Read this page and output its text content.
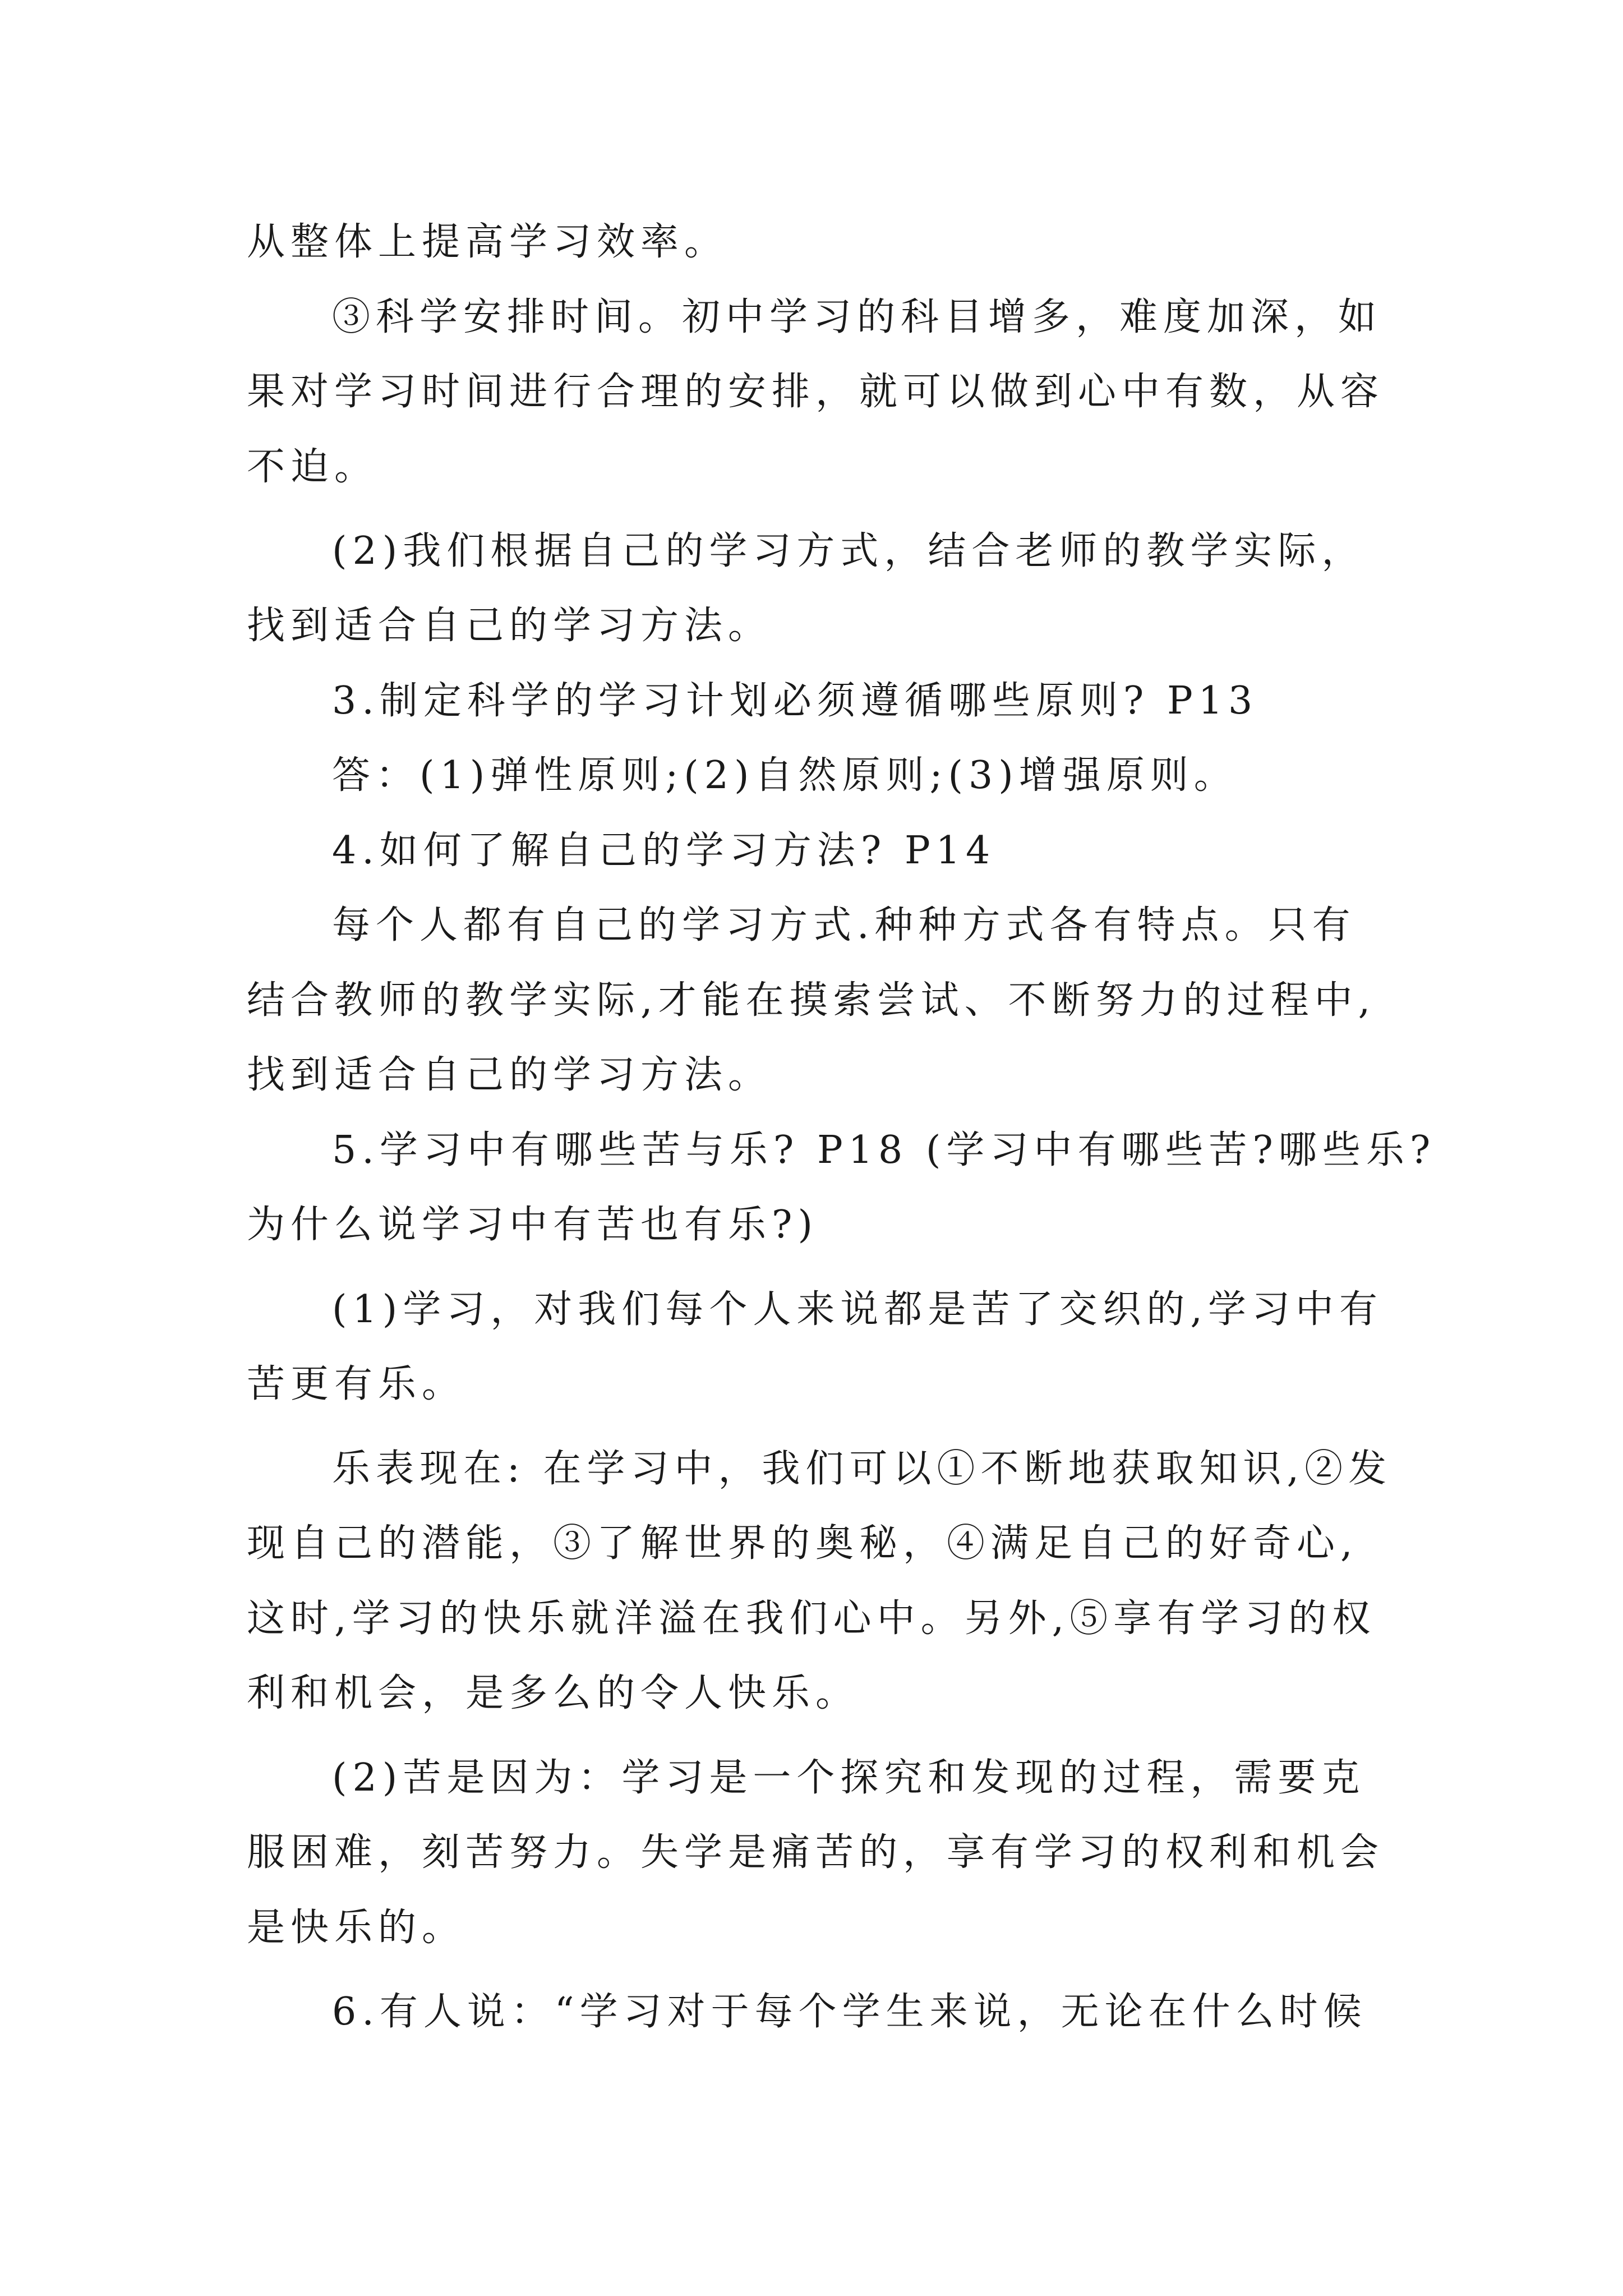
从整体上提高学习效率。

③科学安排时间。初中学习的科目增多，难度加深，如

果对学习时间进行合理的安排，就可以做到心中有数，从容

不迫。

(2)我们根据自己的学习方式，结合老师的教学实际，

找到适合自己的学习方法。

3.制定科学的学习计划必须遵循哪些原则? P13

答：(1)弹性原则;(2)自然原则;(3)增强原则。

4.如何了解自己的学习方法? P14

每个人都有自己的学习方式.种种方式各有特点。只有

结合教师的教学实际,才能在摸索尝试、不断努力的过程中,

找到适合自己的学习方法。

5.学习中有哪些苦与乐? P18 (学习中有哪些苦?哪些乐?

为什么说学习中有苦也有乐?)

(1)学习，对我们每个人来说都是苦了交织的,学习中有

苦更有乐。

乐表现在: 在学习中，我们可以①不断地获取知识,②发

现自己的潜能，③了解世界的奥秘，④满足自己的好奇心,

这时,学习的快乐就洋溢在我们心中。另外,⑤享有学习的权

利和机会，是多么的令人快乐。

(2)苦是因为：学习是一个探究和发现的过程，需要克

服困难，刻苦努力。失学是痛苦的，享有学习的权利和机会

是快乐的。

6.有人说：“学习对于每个学生来说，无论在什么时候
